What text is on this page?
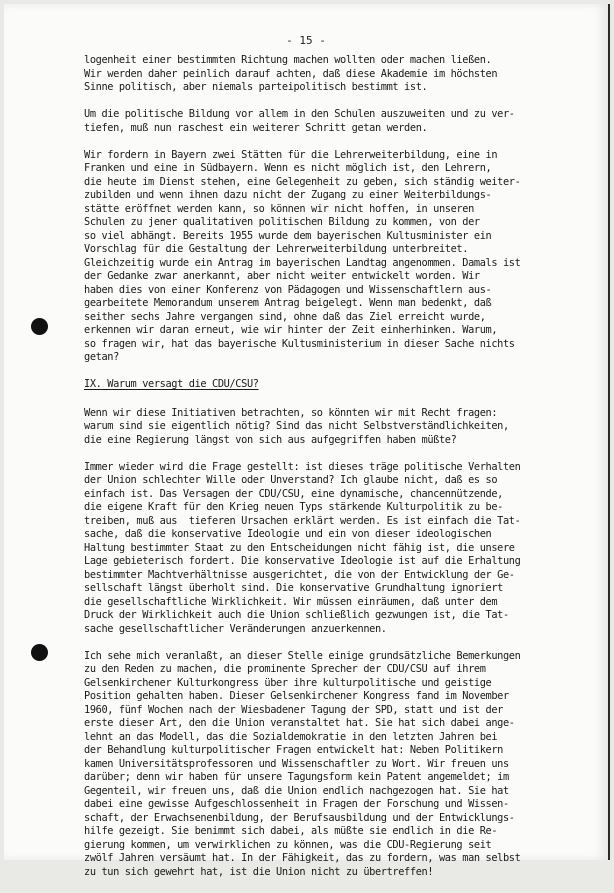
- 15 -
logenheit einer bestimmten Richtung machen wollten oder machen ließen.
Wir werden daher peinlich darauf achten, daß diese Akademie im höchsten
Sinne politisch, aber niemals parteipolitisch bestimmt ist.
Um die politische Bildung vor allem in den Schulen auszuweiten und zu ver-
tiefen, muß nun raschest ein weiterer Schritt getan werden.
Wir fordern in Bayern zwei Stätten für die Lehrerweiterbildung, eine in
Franken und eine in Südbayern. Wenn es nicht möglich ist, den Lehrern,
die heute im Dienst stehen, eine Gelegenheit zu geben, sich ständig weiter-
zubilden und wenn ihnen dazu nicht der Zugang zu einer Weiterbildungs-
stätte eröffnet werden kann, so können wir nicht hoffen, in unseren
Schulen zu jener qualitativen politischen Bildung zu kommen, von der
so viel abhängt. Bereits 1955 wurde dem bayerischen Kultusminister ein
Vorschlag für die Gestaltung der Lehrerweiterbildung unterbreitet.
Gleichzeitig wurde ein Antrag im bayerischen Landtag angenommen. Damals ist
der Gedanke zwar anerkannt, aber nicht weiter entwickelt worden. Wir
haben dies von einer Konferenz von Pädagogen und Wissenschaftlern aus-
gearbeitete Memorandum unserem Antrag beigelegt. Wenn man bedenkt, daß
seither sechs Jahre vergangen sind, ohne daß das Ziel erreicht wurde,
erkennen wir daran erneut, wie wir hinter der Zeit einherhinken. Warum,
so fragen wir, hat das bayerische Kultusministerium in dieser Sache nichts
getan?
IX. Warum versagt die CDU/CSU?
Wenn wir diese Initiativen betrachten, so könnten wir mit Recht fragen:
warum sind sie eigentlich nötig? Sind das nicht Selbstverständlichkeiten,
die eine Regierung längst von sich aus aufgegriffen haben müßte?
Immer wieder wird die Frage gestellt: ist dieses träge politische Verhalten
der Union schlechter Wille oder Unverstand? Ich glaube nicht, daß es so
einfach ist. Das Versagen der CDU/CSU, eine dynamische, chancennützende,
die eigene Kraft für den Krieg neuen Typs stärkende Kulturpolitik zu be-
treiben, muß aus  tieferen Ursachen erklärt werden. Es ist einfach die Tat-
sache, daß die konservative Ideologie und ein von dieser ideologischen
Haltung bestimmter Staat zu den Entscheidungen nicht fähig ist, die unsere
Lage gebieterisch fordert. Die konservative Ideologie ist auf die Erhaltung
bestimmter Machtverhältnisse ausgerichtet, die von der Entwicklung der Ge-
sellschaft längst überholt sind. Die konservative Grundhaltung ignoriert
die gesellschaftliche Wirklichkeit. Wir müssen einräumen, daß unter dem
Druck der Wirklichkeit auch die Union schließlich gezwungen ist, die Tat-
sache gesellschaftlicher Veränderungen anzuerkennen.
Ich sehe mich veranlaßt, an dieser Stelle einige grundsätzliche Bemerkungen
zu den Reden zu machen, die prominente Sprecher der CDU/CSU auf ihrem
Gelsenkirchener Kulturkongress über ihre kulturpolitische und geistige
Position gehalten haben. Dieser Gelsenkirchener Kongress fand im November
1960, fünf Wochen nach der Wiesbadener Tagung der SPD, statt und ist der
erste dieser Art, den die Union veranstaltet hat. Sie hat sich dabei ange-
lehnt an das Modell, das die Sozialdemokratie in den letzten Jahren bei
der Behandlung kulturpolitischer Fragen entwickelt hat: Neben Politikern
kamen Universitätsprofessoren und Wissenschaftler zu Wort. Wir freuen uns
darüber; denn wir haben für unsere Tagungsform kein Patent angemeldet; im
Gegenteil, wir freuen uns, daß die Union endlich nachgezogen hat. Sie hat
dabei eine gewisse Aufgeschlossenheit in Fragen der Forschung und Wissen-
schaft, der Erwachsenenbildung, der Berufsausbildung und der Entwicklungs-
hilfe gezeigt. Sie benimmt sich dabei, als müßte sie endlich in die Re-
gierung kommen, um verwirklichen zu können, was die CDU-Regierung seit
zwölf Jahren versäumt hat. In der Fähigkeit, das zu fordern, was man selbst
zu tun sich gewehrt hat, ist die Union nicht zu übertreffen!
